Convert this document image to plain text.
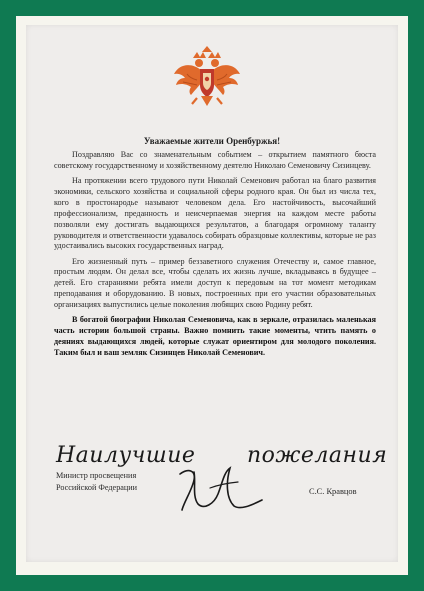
Уважаемые жители Оренбуржья!

Поздравляю Вас со знаменательным событием – открытием памятного бюста советскому государственному и хозяйственному деятелю Николаю Семеновичу Сизинцеву.

На протяжении всего трудового пути Николай Семенович работал на благо развития экономики, сельского хозяйства и социальной сферы родного края. Он был из числа тех, кого в простонародье называют человеком дела. Его настойчивость, высочайший профессионализм, преданность и неисчерпаемая энергия на каждом месте работы позволяли ему достигать выдающихся результатов, а благодаря огромному таланту руководителя и ответственности удавалось собирать образцовые коллективы, которые не раз удостаивались высоких государственных наград.

Его жизненный путь – пример беззаветного служения Отечеству и, самое главное, простым людям. Он делал все, чтобы сделать их жизнь лучше, вкладываясь в будущее – детей. Его стараниями ребята имели доступ к передовым на тот момент методикам преподавания и оборудованию. В новых, построенных при его участии образовательных организациях выпустились целые поколения любящих свою Родину ребят.

В богатой биографии Николая Семеновича, как в зеркале, отразилась маленькая часть истории большой страны. Важно помнить такие моменты, чтить память о деяниях выдающихся людей, которые служат ориентиром для молодого поколения. Таким был и ваш земляк Сизинцев Николай Семенович.

Наилучшие пожелания
Министр просвещения
Российской Федерации	С.С. Кравцов
